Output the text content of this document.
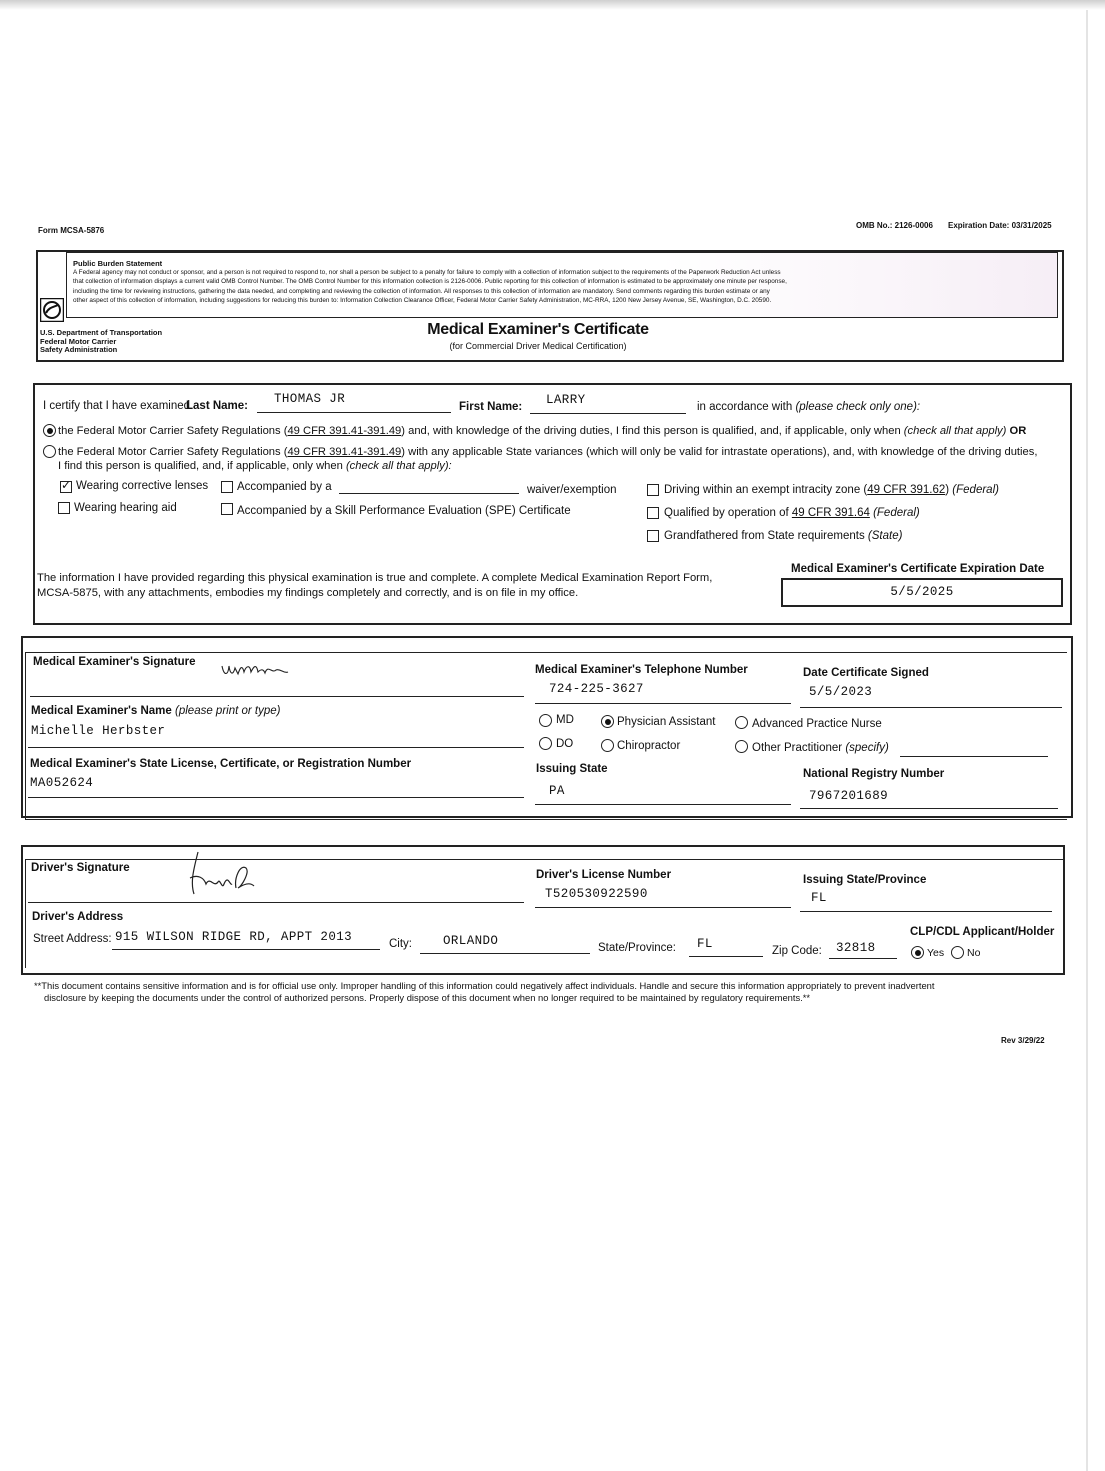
Form MCSA-5876
OMB No.: 2126-0006 Expiration Date: 03/31/2025
Public Burden Statement
A Federal agency may not conduct or sponsor, and a person is not required to respond to, nor shall a person be subject to a penalty for failure to comply with a collection of information subject to the requirements of the Paperwork Reduction Act unless
that collection of information displays a current valid OMB Control Number. The OMB Control Number for this information collection is 2126-0006. Public reporting for this collection of information is estimated to be approximately one minute per response,
including the time for reviewing instructions, gathering the data needed, and completing and reviewing the collection of information. All responses to this collection of information are mandatory. Send comments regarding this burden estimate or any
other aspect of this collection of information, including suggestions for reducing this burden to: Information Collection Clearance Officer, Federal Motor Carrier Safety Administration, MC-RRA, 1200 New Jersey Avenue, SE, Washington, D.C. 20590.
U.S. Department of Transportation
Federal Motor Carrier
Safety Administration
Medical Examiner's Certificate
(for Commercial Driver Medical Certification)
I certify that I have examined
Last Name: THOMAS JR
First Name: LARRY	in accordance with (please check only one):
the Federal Motor Carrier Safety Regulations (49 CFR 391.41-391.49) and, with knowledge of the driving duties, I find this person is qualified, and, if applicable, only when (check all that apply) OR
the Federal Motor Carrier Safety Regulations (49 CFR 391.41-391.49) with any applicable State variances (which will only be valid for intrastate operations), and, with knowledge of the driving duties,
I find this person is qualified, and, if applicable, only when (check all that apply):
✓
Wearing corrective lenses
Wearing hearing aid
Accompanied by a	waiver/exemption
Accompanied by a Skill Performance Evaluation (SPE) Certificate
Driving within an exempt intracity zone (49 CFR 391.62) (Federal)
Qualified by operation of 49 CFR 391.64 (Federal)
Grandfathered from State requirements (State)
The information I have provided regarding this physical examination is true and complete. A complete Medical Examination Report Form,
MCSA-5875, with any attachments, embodies my findings completely and correctly, and is on file in my office.
Medical Examiner's Certificate Expiration Date
5/5/2025
Medical Examiner's Signature
Medical Examiner's Telephone Number
724-225-3627
Date Certificate Signed
5/5/2023
Medical Examiner's Name (please print or type)
Michelle Herbster
MD
DO
Physician Assistant
Chiropractor
Advanced Practice Nurse
Other Practitioner (specify)
Medical Examiner's State License, Certificate, or Registration Number
MA052624
Issuing State
PA
National Registry Number
7967201689
Driver's Signature
Driver's License Number
T520530922590
Issuing State/Province
FL
Driver's Address
Street Address: 915 WILSON RIDGE RD, APPT 2013	City: ORLANDO	State/Province: FL	Zip Code: 32818
CLP/CDL Applicant/Holder
Yes No
**This document contains sensitive information and is for official use only. Improper handling of this information could negatively affect individuals. Handle and secure this information appropriately to prevent inadvertent
disclosure by keeping the documents under the control of authorized persons. Properly dispose of this document when no longer required to be maintained by regulatory requirements.**
Rev 3/29/22
